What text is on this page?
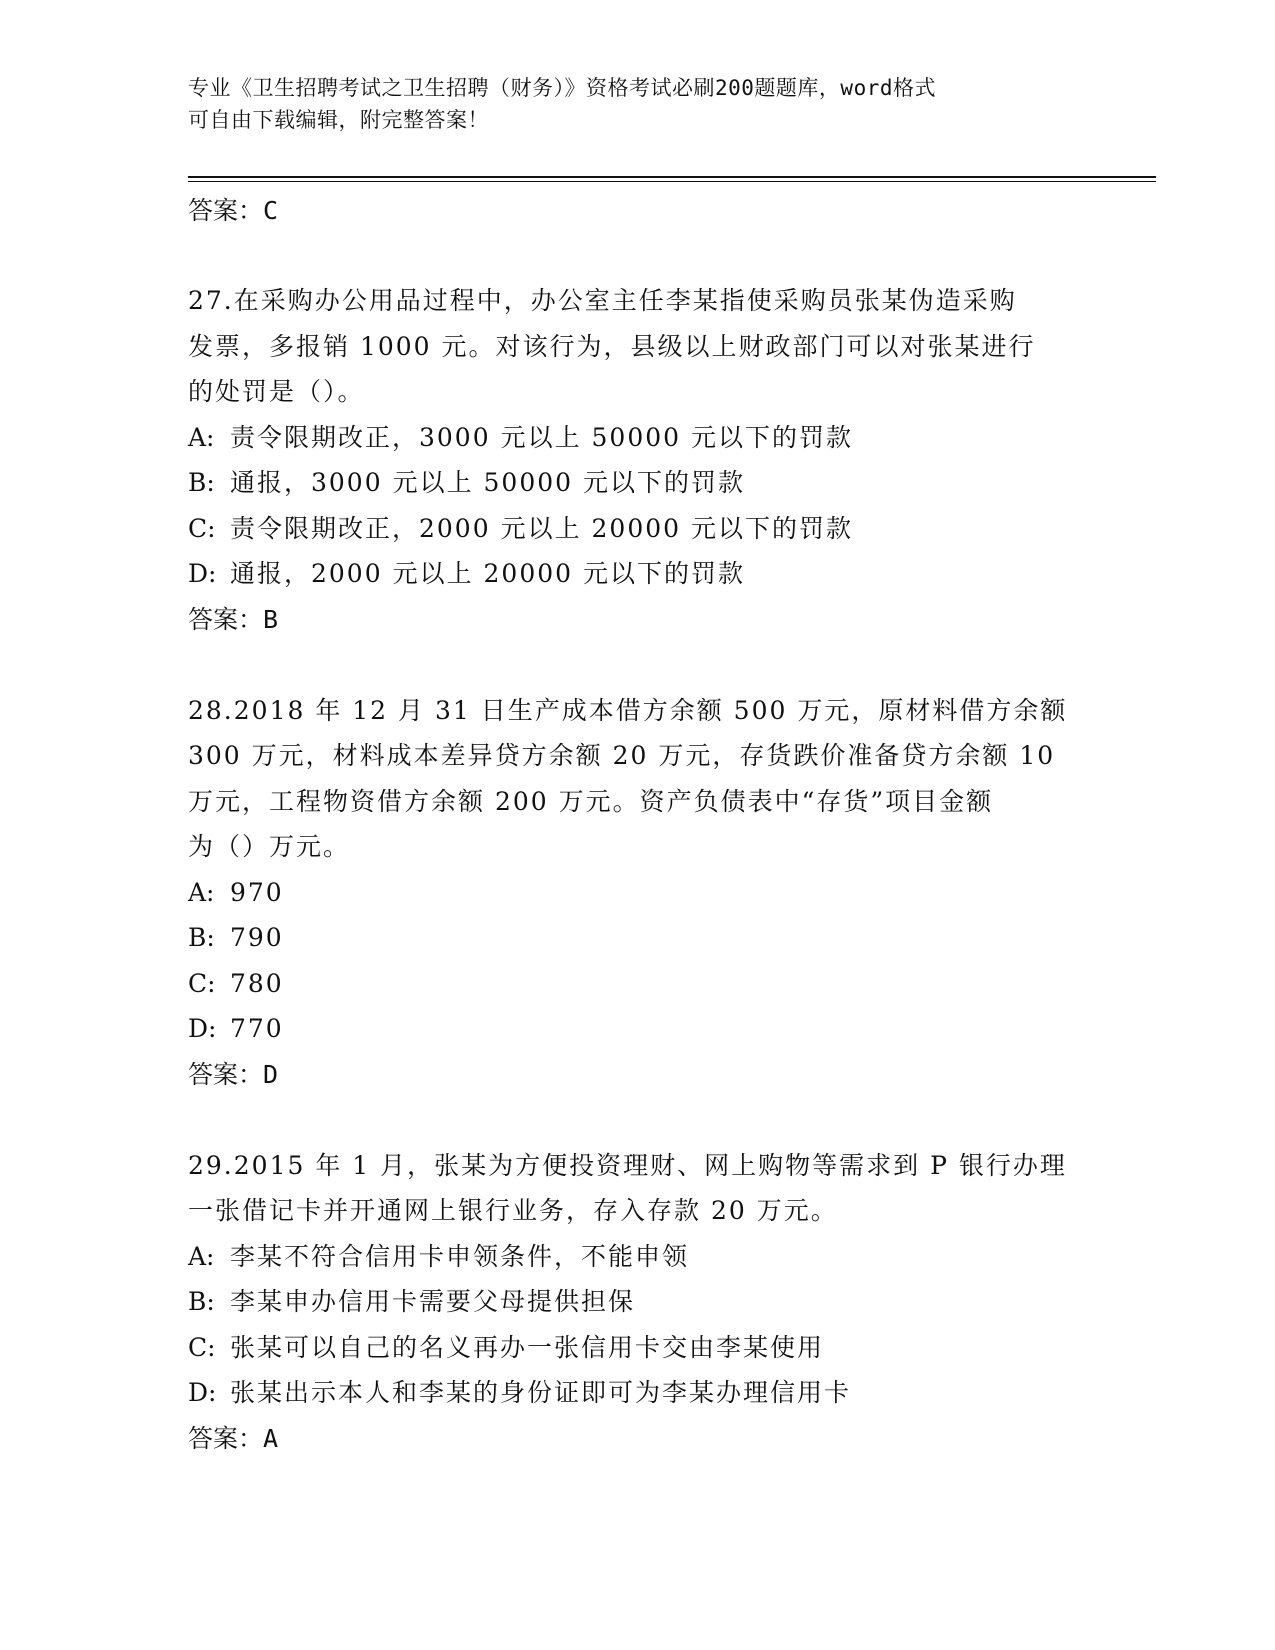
专业《卫生招聘考试之卫生招聘（财务）》资格考试必刷200题题库，word格式
可自由下载编辑，附完整答案！
答案：C
27.在采购办公用品过程中，办公室主任李某指使采购员张某伪造采购
发票，多报销 1000 元。对该行为，县级以上财政部门可以对张某进行
的处罚是（）。
A: 责令限期改正，3000 元以上 50000 元以下的罚款
B: 通报，3000 元以上 50000 元以下的罚款
C: 责令限期改正，2000 元以上 20000 元以下的罚款
D: 通报，2000 元以上 20000 元以下的罚款
答案：B
28.2018 年 12 月 31 日生产成本借方余额 500 万元，原材料借方余额
300 万元，材料成本差异贷方余额 20 万元，存货跌价准备贷方余额 10
万元，工程物资借方余额 200 万元。资产负债表中“存货”项目金额
为（）万元。
A: 970
B: 790
C: 780
D: 770
答案：D
29.2015 年 1 月，张某为方便投资理财、网上购物等需求到 P 银行办理
一张借记卡并开通网上银行业务，存入存款 20 万元。
A: 李某不符合信用卡申领条件，不能申领
B: 李某申办信用卡需要父母提供担保
C: 张某可以自己的名义再办一张信用卡交由李某使用
D: 张某出示本人和李某的身份证即可为李某办理信用卡
答案：A
